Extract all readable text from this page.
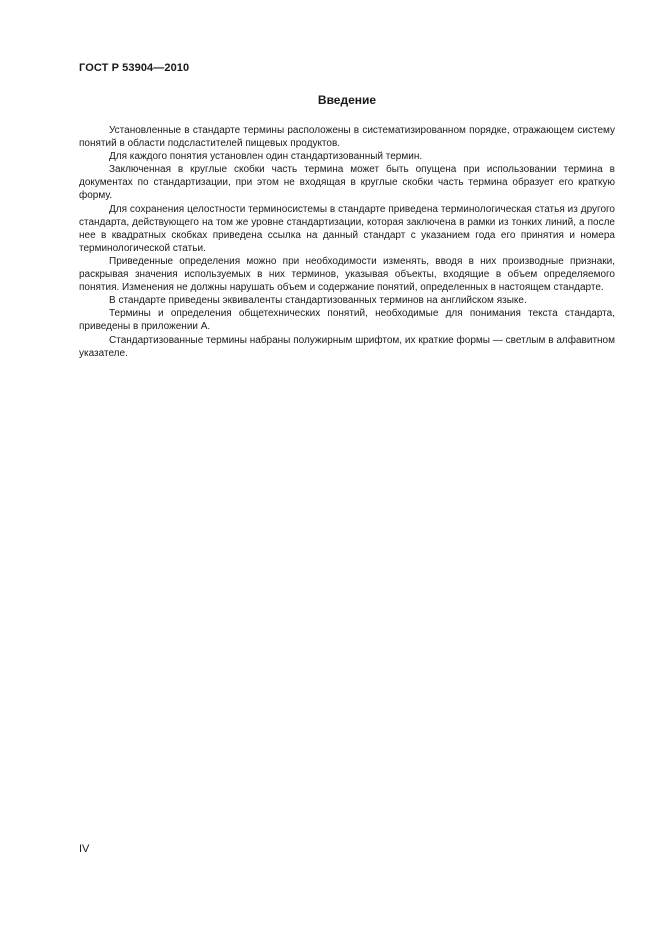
ГОСТ Р 53904—2010
Введение

Установленные в стандарте термины расположены в систематизированном порядке, отражающем систему понятий в области подсластителей пищевых продуктов.

Для каждого понятия установлен один стандартизованный термин.

Заключенная в круглые скобки часть термина может быть опущена при использовании термина в документах по стандартизации, при этом не входящая в круглые скобки часть термина образует его краткую форму.

Для сохранения целостности терминосистемы в стандарте приведена терминологическая статья из другого стандарта, действующего на том же уровне стандартизации, которая заключена в рамки из тонких линий, а после нее в квадратных скобках приведена ссылка на данный стандарт с указанием года его принятия и номера терминологической статьи.

Приведенные определения можно при необходимости изменять, вводя в них производные признаки, раскрывая значения используемых в них терминов, указывая объекты, входящие в объем определяемого понятия. Изменения не должны нарушать объем и содержание понятий, определенных в настоящем стандарте.

В стандарте приведены эквиваленты стандартизованных терминов на английском языке.

Термины и определения общетехнических понятий, необходимые для понимания текста стандарта, приведены в приложении А.

Стандартизованные термины набраны полужирным шрифтом, их краткие формы — светлым в алфавитном указателе.

IV
